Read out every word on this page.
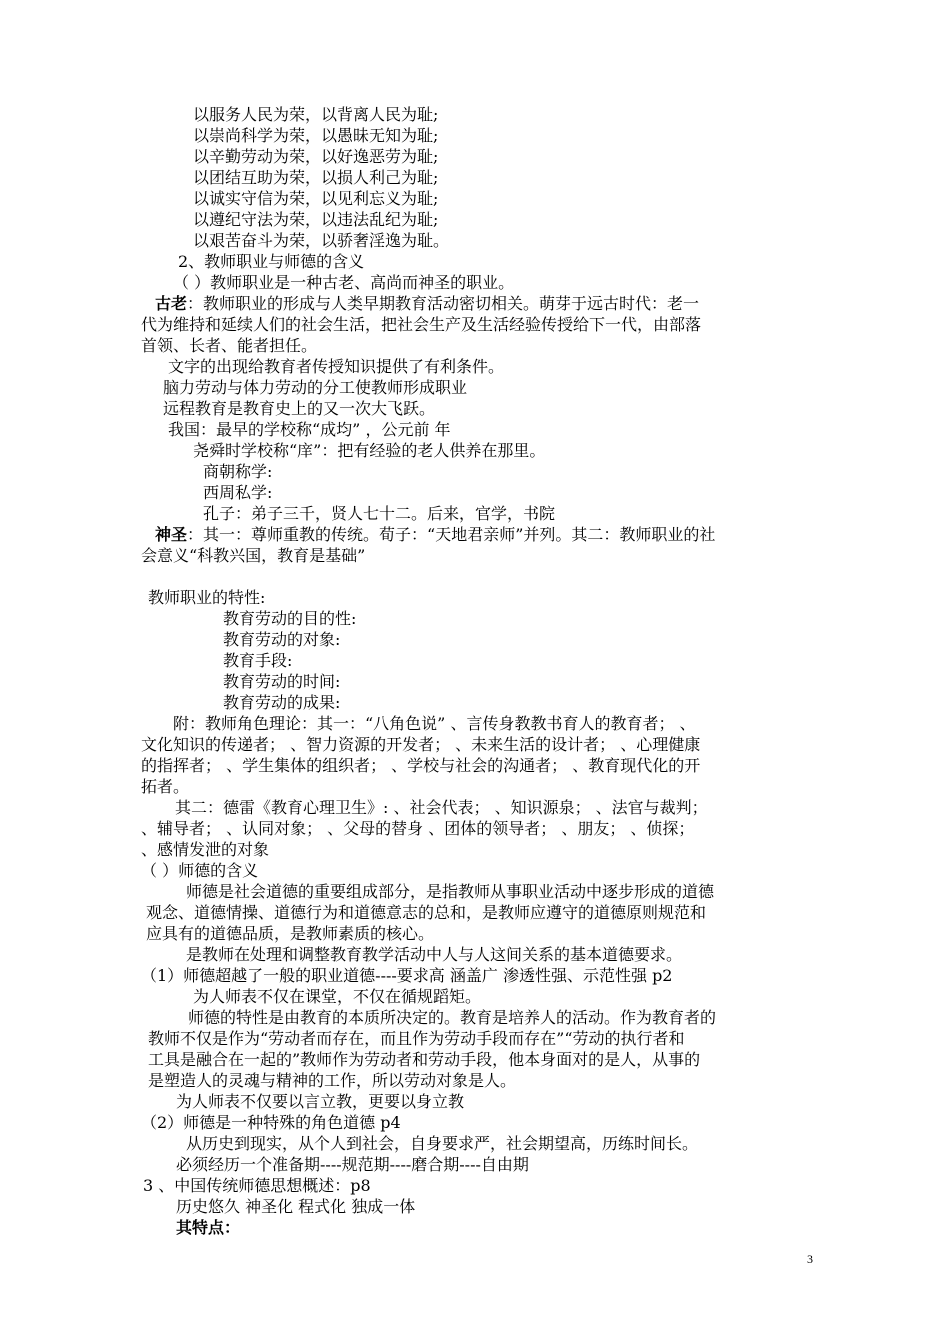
以服务人民为荣，以背离人民为耻;
以崇尚科学为荣，以愚昧无知为耻;
以辛勤劳动为荣，以好逸恶劳为耻;
以团结互助为荣，以损人利己为耻;
以诚实守信为荣，以见利忘义为耻;
以遵纪守法为荣，以违法乱纪为耻;
以艰苦奋斗为荣，以骄奢淫逸为耻。
2、教师职业与师德的含义
（ ）教师职业是一种古老、高尚而神圣的职业。
古老：教师职业的形成与人类早期教育活动密切相关。萌芽于远古时代：老一
代为维持和延续人们的社会生活，把社会生产及生活经验传授给下一代，由部落
首领、长者、能者担任。
文字的出现给教育者传授知识提供了有利条件。
脑力劳动与体力劳动的分工使教师形成职业
远程教育是教育史上的又一次大飞跃。
我国：最早的学校称“成均” ，公元前 年
尧舜时学校称“庠”：把有经验的老人供养在那里。
商朝称学:
西周私学:
孔子：弟子三千，贤人七十二。后来，官学，书院
神圣：其一：尊师重教的传统。荀子：“天地君亲师”并列。其二：教师职业的社
会意义“科教兴国，教育是基础”
教师职业的特性:
教育劳动的目的性:
教育劳动的对象:
教育手段:
教育劳动的时间:
教育劳动的成果:
附：教师角色理论：其一：“八角色说” 、言传身教教书育人的教育者； 、
文化知识的传递者； 、智力资源的开发者； 、未来生活的设计者； 、心理健康
的指挥者； 、学生集体的组织者； 、学校与社会的沟通者； 、教育现代化的开
拓者。
其二：德雷《教育心理卫生》: 、社会代表； 、知识源泉； 、法官与裁判；
、辅导者； 、认同对象； 、父母的替身 、团体的领导者； 、朋友； 、侦探；
、感情发泄的对象
（ ）师德的含义
师德是社会道德的重要组成部分，是指教师从事职业活动中逐步形成的道德
观念、道德情操、道德行为和道德意志的总和，是教师应遵守的道德原则规范和
应具有的道德品质，是教师素质的核心。
是教师在处理和调整教育教学活动中人与人这间关系的基本道德要求。
（1）师德超越了一般的职业道德----要求高 涵盖广 渗透性强、示范性强 p2
为人师表不仅在课堂，不仅在循规蹈矩。
师德的特性是由教育的本质所决定的。教育是培养人的活动。作为教育者的
教师不仅是作为“劳动者而存在，而且作为劳动手段而存在”“劳动的执行者和
工具是融合在一起的”教师作为劳动者和劳动手段，他本身面对的是人，从事的
是塑造人的灵魂与精神的工作，所以劳动对象是人。
为人师表不仅要以言立教，更要以身立教
（2）师德是一种特殊的角色道德 p4
从历史到现实，从个人到社会，自身要求严，社会期望高，历练时间长。
必须经历一个准备期----规范期----磨合期----自由期
3 、中国传统师德思想概述：p8
历史悠久 神圣化 程式化 独成一体
其特点：
3
